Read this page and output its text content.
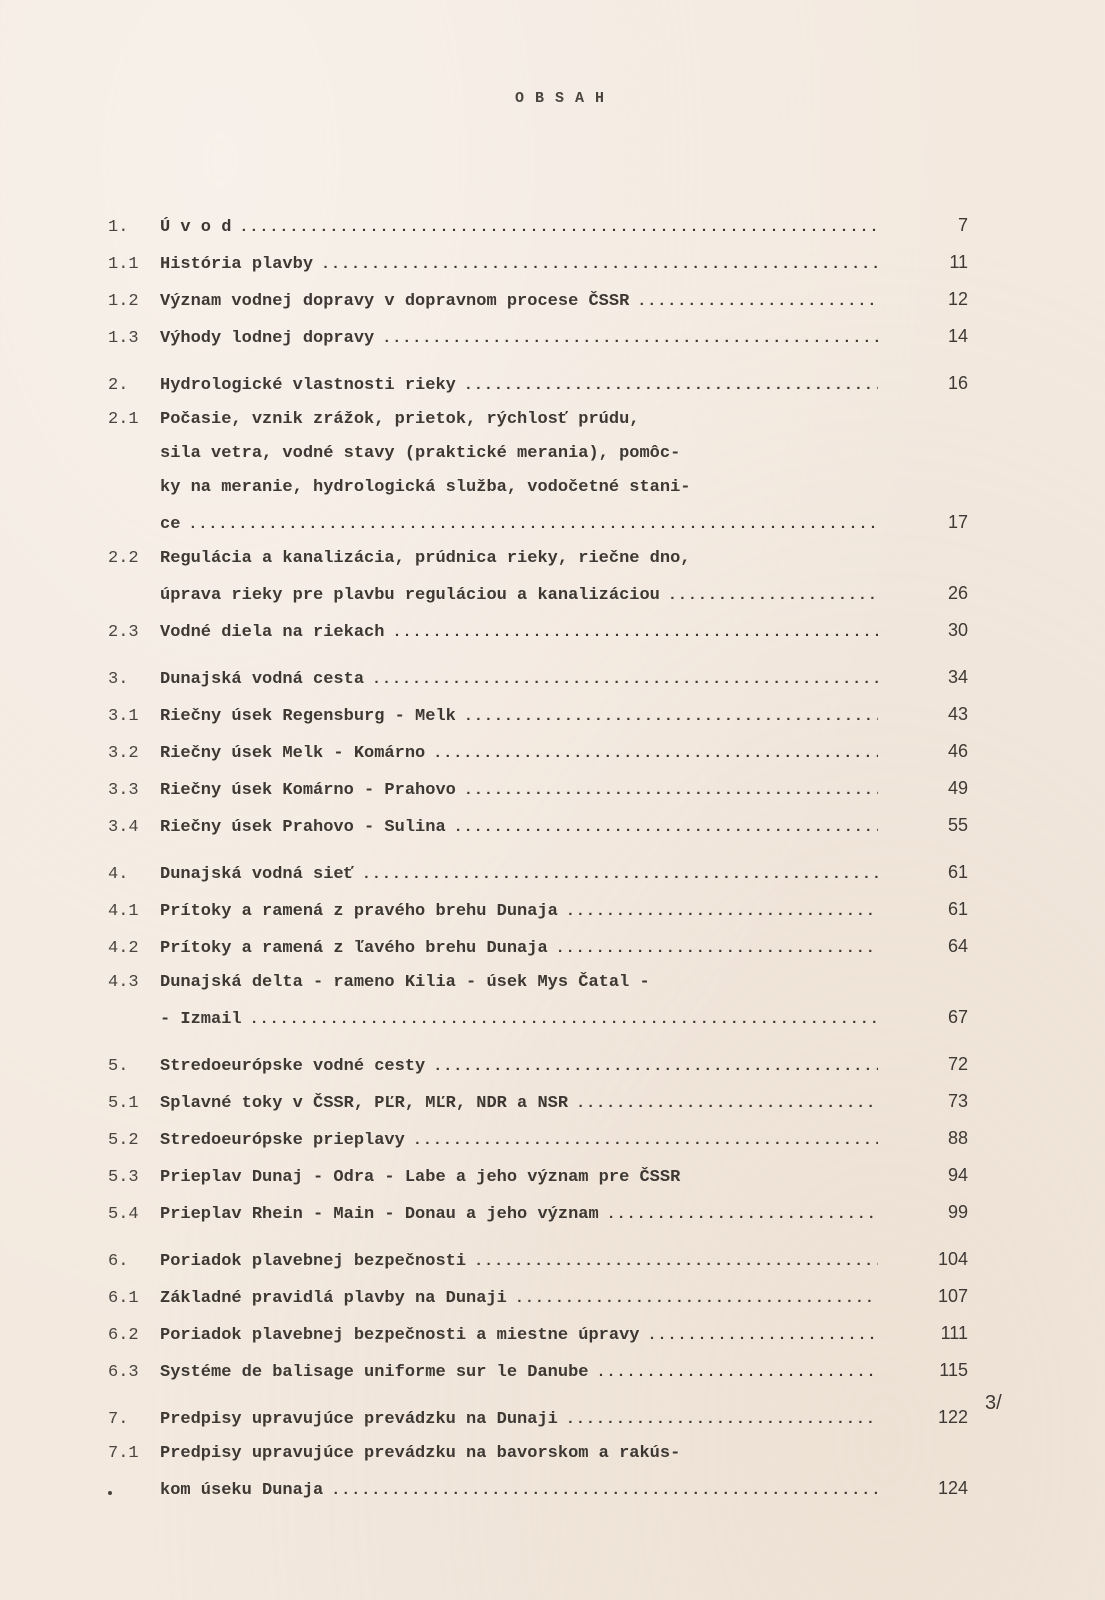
OBSAH
1.	Ú v o d .....	7
1.1	História plavby .....	11
1.2	Význam vodnej dopravy v dopravnom procese ČSSR .....	12
1.3	Výhody lodnej dopravy .....	14
2.	Hydrologické vlastnosti rieky .....	16
2.1	Počasie, vznik zrážok, prietok, rýchlosť prúdu,
sila vetra, vodné stavy (praktické merania), pomôc-
ky na meranie, hydrologická služba, vodočetné stani-
ce .....	17
2.2	Regulácia a kanalizácia, prúdnica rieky, riečne dno,
úprava rieky pre plavbu reguláciou a kanalizáciou .....	26
2.3	Vodné diela na riekach .....	30
3.	Dunajská vodná cesta .....	34
3.1	Riečny úsek Regensburg - Melk .....	43
3.2	Riečny úsek Melk - Komárno .....	46
3.3	Riečny úsek Komárno - Prahovo .....	49
3.4	Riečny úsek Prahovo - Sulina .....	55
4.	Dunajská vodná sieť .....	61
4.1	Prítoky a ramená z pravého brehu Dunaja .....	61
4.2	Prítoky a ramená z ľavého brehu Dunaja .....	64
4.3	Dunajská delta - rameno Kilia - úsek Mys Čatal -
- Izmail .....	67
5.	Stredoeurópske vodné cesty .....	72
5.1	Splavné toky v ČSSR, PĽR, MĽR, NDR a NSR .....	73
5.2	Stredoeurópske prieplavy .....	88
5.3	Prieplav Dunaj - Odra - Labe a jeho význam pre ČSSR	94
5.4	Prieplav Rhein - Main - Donau a jeho význam .....	99
6.	Poriadok plavebnej bezpečnosti .....	104
6.1	Základné pravidlá plavby na Dunaji .....	107
6.2	Poriadok plavebnej bezpečnosti a miestne úpravy .....	111
6.3	Systéme de balisage uniforme sur le Danube .....	115
7.	Predpisy upravujúce prevádzku na Dunaji .....	122
7.1	Predpisy upravujúce prevádzku na bavorskom a rakús-
kom úseku Dunaja .....	124
3/
